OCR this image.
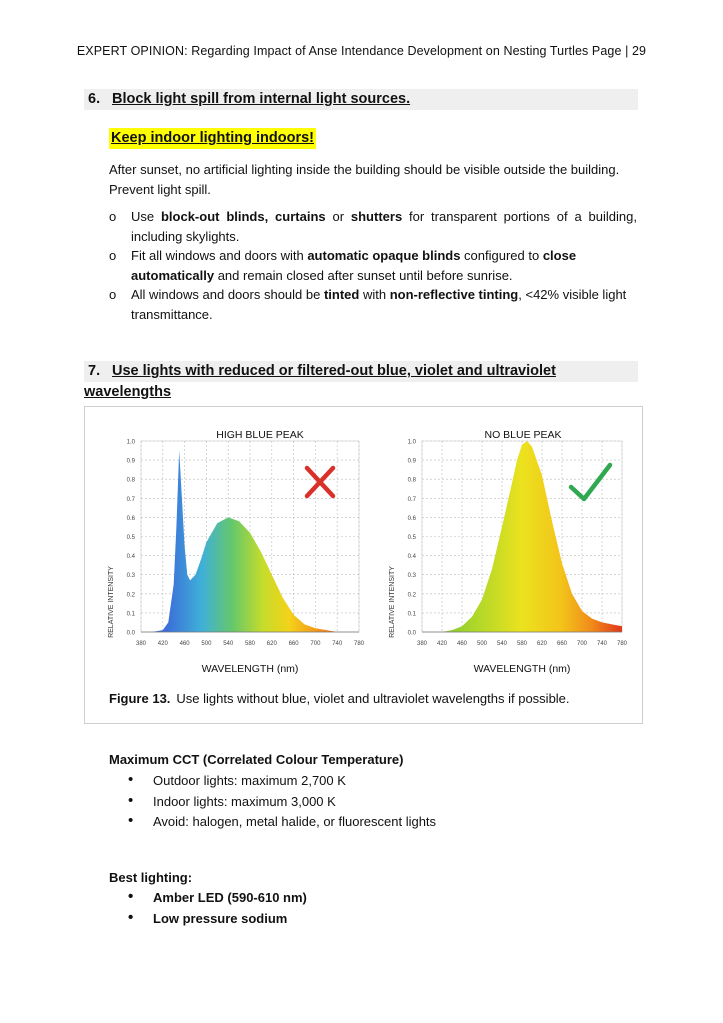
EXPERT OPINION: Regarding Impact of Anse Intendance Development on Nesting Turtles Page | 29
6. Block light spill from internal light sources.
Keep indoor lighting indoors!
After sunset, no artificial lighting inside the building should be visible outside the building. Prevent light spill.
o Use block-out blinds, curtains or shutters for transparent portions of a building, including skylights.
o Fit all windows and doors with automatic opaque blinds configured to close automatically and remain closed after sunset until before sunrise.
o All windows and doors should be tinted with non-reflective tinting, <42% visible light transmittance.
7. Use lights with reduced or filtered-out blue, violet and ultraviolet wavelengths
0.0
0.1
0.2
0.3
0.4
0.5
0.6
0.7
0.8
0.9
1.0
380 420 460 500 540 580 620 660 700 740 780
HIGH BLUE PEAK
WAVELENGTH (nm)
RELATIVE INTENSITY	0.0
0.1
0.2
0.3
0.4
0.5
0.6
0.7
0.8
0.9
1.0
380 420 460 500 540 580 620 660 700 740 780
NO BLUE PEAK
WAVELENGTH (nm)
RELATIVE INTENSITY
Figure 13. Use lights without blue, violet and ultraviolet wavelengths if possible.
Maximum CCT (Correlated Colour Temperature)
• Outdoor lights: maximum 2,700 K
• Indoor lights: maximum 3,000 K
• Avoid: halogen, metal halide, or fluorescent lights
Best lighting:
• Amber LED (590-610 nm)
• Low pressure sodium
